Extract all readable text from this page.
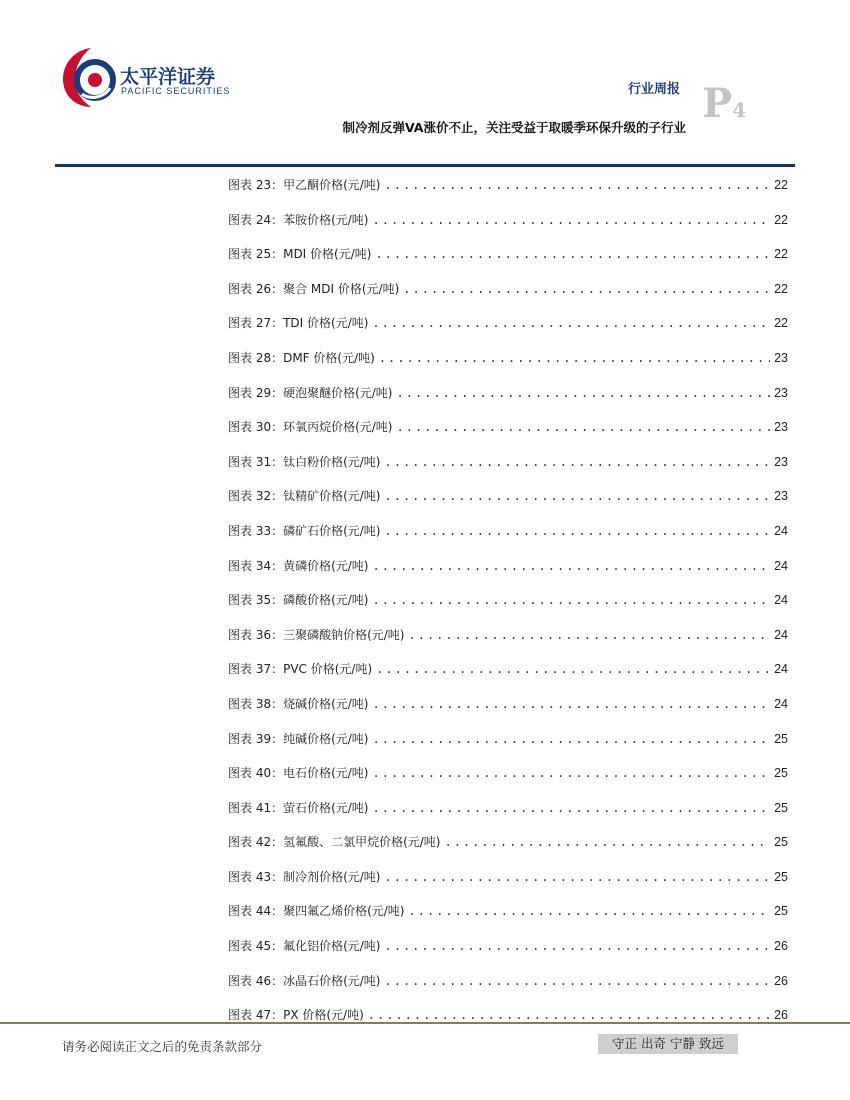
太平洋证券
PACIFIC SECURITIES	行业周报 P4
制冷剂反弹VA涨价不止，关注受益于取暖季环保升级的子行业
图表 23：甲乙酮价格(元/吨) .....	22
图表 24：苯胺价格(元/吨) .....	22
图表 25：MDI 价格(元/吨) .....	22
图表 26：聚合 MDI 价格(元/吨) .....	22
图表 27：TDI 价格(元/吨) .....	22
图表 28：DMF 价格(元/吨) .....	23
图表 29：硬泡聚醚价格(元/吨) .....	23
图表 30：环氧丙烷价格(元/吨) .....	23
图表 31：钛白粉价格(元/吨) .....	23
图表 32：钛精矿价格(元/吨) .....	23
图表 33：磷矿石价格(元/吨) .....	24
图表 34：黄磷价格(元/吨) .....	24
图表 35：磷酸价格(元/吨) .....	24
图表 36：三聚磷酸钠价格(元/吨) .....	24
图表 37：PVC 价格(元/吨) .....	24
图表 38：烧碱价格(元/吨) .....	24
图表 39：纯碱价格(元/吨) .....	25
图表 40：电石价格(元/吨) .....	25
图表 41：萤石价格(元/吨) .....	25
图表 42：氢氟酸、二氯甲烷价格(元/吨) .....	25
图表 43：制冷剂价格(元/吨) .....	25
图表 44：聚四氟乙烯价格(元/吨) .....	25
图表 45：氟化铝价格(元/吨) .....	26
图表 46：冰晶石价格(元/吨) .....	26
图表 47：PX 价格(元/吨) .....	26
请务必阅读正文之后的免责条款部分	守正 出奇 宁静 致远
